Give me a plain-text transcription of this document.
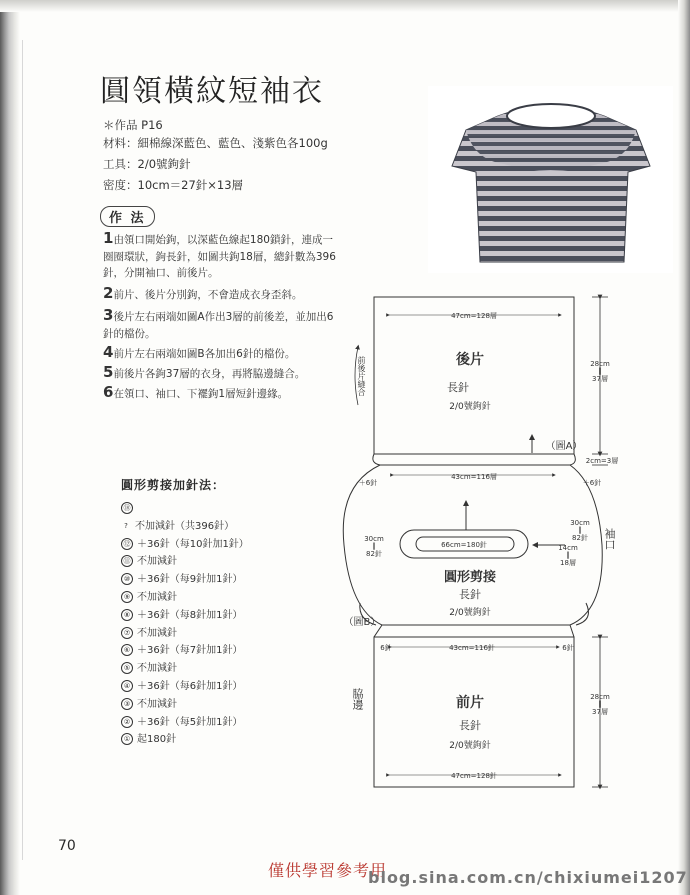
圓領橫紋短袖衣
＊作品 P16
材料：細棉線深藍色、藍色、淺紫色各100g
工具：2/0號鉤針
密度：10cm＝27針×13層
作 法
1由領口開始鉤，以深藍色線起180鎖針，連成一圈圈環狀，鉤長針，如圖共鉤18層，總針數為396針，分開袖口、前後片。
2前片、後片分別鉤，不會造成衣身歪斜。
3後片左右兩端如圖A作出3層的前後差，並加出6針的檔份。
4前片左右兩端如圖B各加出6針的檔份。
5前後片各鉤37層的衣身，再將脇邊縫合。
6在領口、袖口、下襬鉤1層短針邊緣。
圓形剪接加針法：
⑱
? 不加減針（共396針）
⑫ ＋36針（每10針加1針）
⑪ 不加減針
⑩ ＋36針（每9針加1針）
⑨ 不加減針
⑧ ＋36針（每8針加1針）
⑦ 不加減針
⑥ ＋36針（每7針加1針）
⑤ 不加減針
④ ＋36針（每6針加1針）
③ 不加減針
② ＋36針（每5針加1針）
① 起180針
47cm=128層
後片
長針
2/0號鉤針
28cm
‖
37層
（圖A）
2cm=3層
43cm=116層
＋6針	＋6針
30cm
‖
82針
66cm=180針
30cm
‖
82針
14cm
‖
18層
圓形剪接
長針
2/0號鉤針
（圖B）
6針	6針
43cm=116針
前片
長針
2/0號鉤針
28cm
‖
37層
47cm=128針
前後片縫合
袖口
脇邊
70
僅供學習參考用
blog.sina.com.cn/chixiumei1207
